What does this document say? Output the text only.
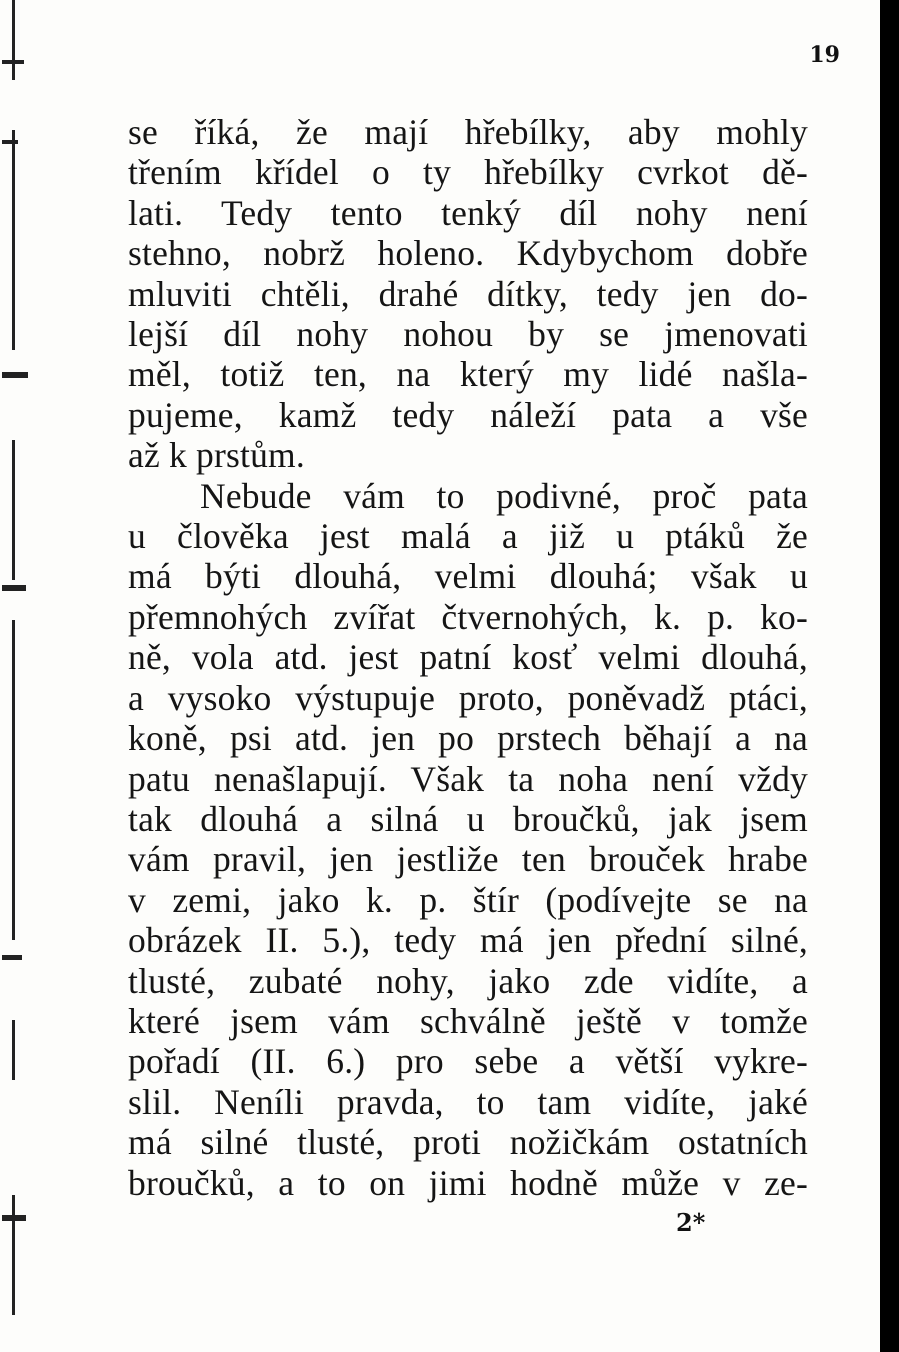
19

se říká, že mají hřebílky, aby mohly
třením křídel o ty hřebílky cvrkot dě-
lati. Tedy tento tenký díl nohy není
stehno, nobrž holeno. Kdybychom dobře
mluviti chtěli, drahé dítky, tedy jen do-
lejší díl nohy nohou by se jmenovati
měl, totiž ten, na který my lidé našla-
pujeme, kamž tedy náleží pata a vše
až k prstům.
Nebude vám to podivné, proč pata
u člověka jest malá a již u ptáků že
má býti dlouhá, velmi dlouhá; však u
přemnohých zvířat čtvernohých, k. p. ko-
ně, vola atd. jest patní kosť velmi dlouhá,
a vysoko výstupuje proto, poněvadž ptáci,
koně, psi atd. jen po prstech běhají a na
patu nenašlapují. Však ta noha není vždy
tak dlouhá a silná u broučků, jak jsem
vám pravil, jen jestliže ten brouček hrabe
v zemi, jako k. p. štír (podívejte se na
obrázek II. 5.), tedy má jen přední silné,
tlusté, zubaté nohy, jako zde vidíte, a
které jsem vám schválně ještě v tomže
pořadí (II. 6.) pro sebe a větší vykre-
slil. Neníli pravda, to tam vidíte, jaké
má silné tlusté, proti nožičkám ostatních
broučků, a to on jimi hodně může v ze-

2*
